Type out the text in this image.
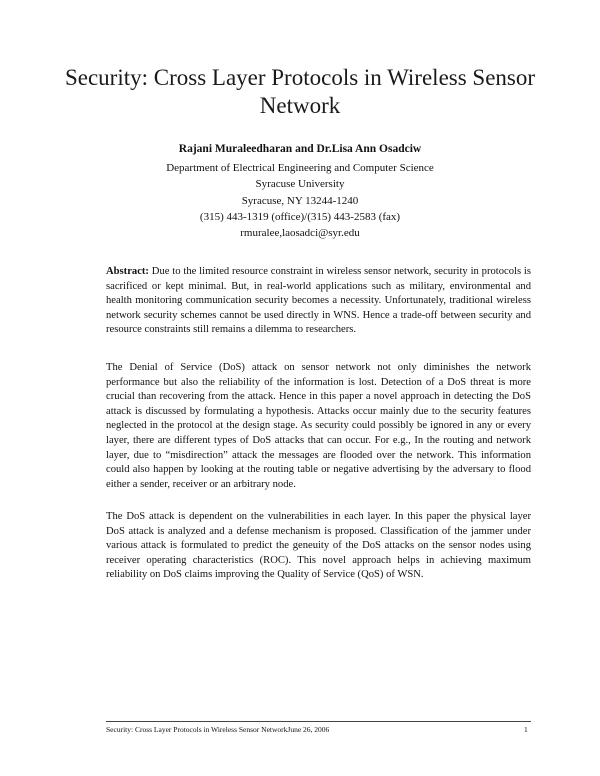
Security: Cross Layer Protocols in Wireless Sensor Network
Rajani Muraleedharan and Dr.Lisa Ann Osadciw
Department of Electrical Engineering and Computer Science
Syracuse University
Syracuse, NY 13244-1240
(315) 443-1319 (office)/(315) 443-2583 (fax)
rmuralee,laosadci@syr.edu
Abstract: Due to the limited resource constraint in wireless sensor network, security in protocols is sacrificed or kept minimal. But, in real-world applications such as military, environmental and health monitoring communication security becomes a necessity. Unfortunately, traditional wireless network security schemes cannot be used directly in WNS. Hence a trade-off between security and resource constraints still remains a dilemma to researchers.
The Denial of Service (DoS) attack on sensor network not only diminishes the network performance but also the reliability of the information is lost. Detection of a DoS threat is more crucial than recovering from the attack. Hence in this paper a novel approach in detecting the DoS attack is discussed by formulating a hypothesis. Attacks occur mainly due to the security features neglected in the protocol at the design stage. As security could possibly be ignored in any or every layer, there are different types of DoS attacks that can occur. For e.g., In the routing and network layer, due to “misdirection” attack the messages are flooded over the network. This information could also happen by looking at the routing table or negative advertising by the adversary to flood either a sender, receiver or an arbitrary node.
The DoS attack is dependent on the vulnerabilities in each layer. In this paper the physical layer DoS attack is analyzed and a defense mechanism is proposed. Classification of the jammer under various attack is formulated to predict the geneuity of the DoS attacks on the sensor nodes using receiver operating characteristics (ROC). This novel approach helps in achieving maximum reliability on DoS claims improving the Quality of Service (QoS) of WSN.
Security: Cross Layer Protocols in Wireless Sensor NetworkJune 26, 2006	1
